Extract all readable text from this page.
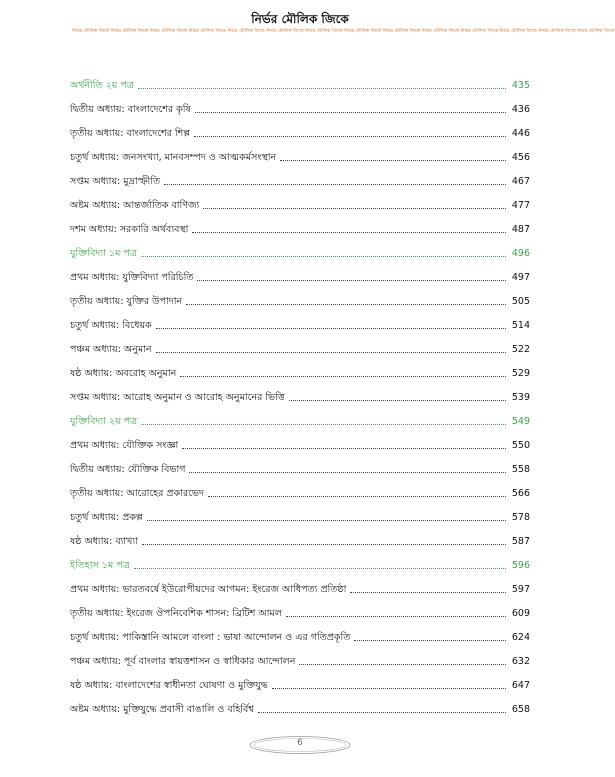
নির্ভর মৌলিক জিকে
নির্ভর মৌলিক জিকে নির্ভর মৌলিক জিকে নির্ভর মৌলিক জিকে নির্ভর মৌলিক জিকে নির্ভর মৌলিক জিকে নির্ভর মৌলিক জিকে নির্ভর মৌলিক জিকে নির্ভর মৌলিক জিকে নির্ভর মৌলিক জিকে নির্ভর মৌলিক জিকে নির্ভর মৌলিক জিকে নির্ভর মৌলিক জিকে নির্ভর মৌলিক জিকে নির্ভর মৌলিক জিকে
অর্থনীতি ২য় পত্র	435
দ্বিতীয় অধ্যায়: বাংলাদেশের কৃষি	436
তৃতীয় অধ্যায়: বাংলাদেশের শিল্প	446
চতুর্থ অধ্যায়: জনসংখ্যা, মানবসম্পদ ও আত্মকর্মসংস্থান	456
সপ্তম অধ্যায়: মুদ্রাস্ফীতি	467
অষ্টম অধ্যায়: আন্তর্জাতিক বাণিজ্য	477
দশম অধ্যায়: সরকারি অর্থব্যবস্থা	487
যুক্তিবিদ্যা ১ম পত্র	496
প্রথম অধ্যায়: যুক্তিবিদ্যা পরিচিতি	497
তৃতীয় অধ্যায়: যুক্তির উপাদান	505
চতুর্থ অধ্যায়: বিধেয়ক	514
পঞ্চম অধ্যায়: অনুমান	522
ষষ্ঠ অধ্যায়: অবরোহ অনুমান	529
সপ্তম অধ্যায়: আরোহ অনুমান ও আরোহ অনুমানের ভিত্তি	539
যুক্তিবিদ্যা ২য় পত্র	549
প্রথম অধ্যায়: যৌক্তিক সংজ্ঞা	550
দ্বিতীয় অধ্যায়: যৌক্তিক বিভাগ	558
তৃতীয় অধ্যায়: আরোহের প্রকারভেদ	566
চতুর্থ অধ্যায়: প্রকল্প	578
ষষ্ঠ অধ্যায়: ব্যাখ্যা	587
ইতিহাস ১ম পত্র	596
প্রথম অধ্যায়: ভারতবর্ষে ইউরোপীয়দের আগমন: ইংরেজ আধিপত্য প্রতিষ্ঠা	597
তৃতীয় অধ্যায়: ইংরেজ ঔপনিবেশিক শাসন: ব্রিটিশ আমল	609
চতুর্থ অধ্যায়: পাকিস্তানি আমলে বাংলা : ভাষা আন্দোলন ও এর গতিপ্রকৃতি	624
পঞ্চম অধ্যায়: পূর্ব বাংলার স্বায়ত্তশাসন ও স্বাধিকার আন্দোলন	632
ষষ্ঠ অধ্যায়: বাংলাদেশের স্বাধীনতা ঘোষণা ও মুক্তিযুদ্ধ	647
অষ্টম অধ্যায়: মুক্তিযুদ্ধে প্রবাসী বাঙালি ও বহির্বিশ্ব	658
6
